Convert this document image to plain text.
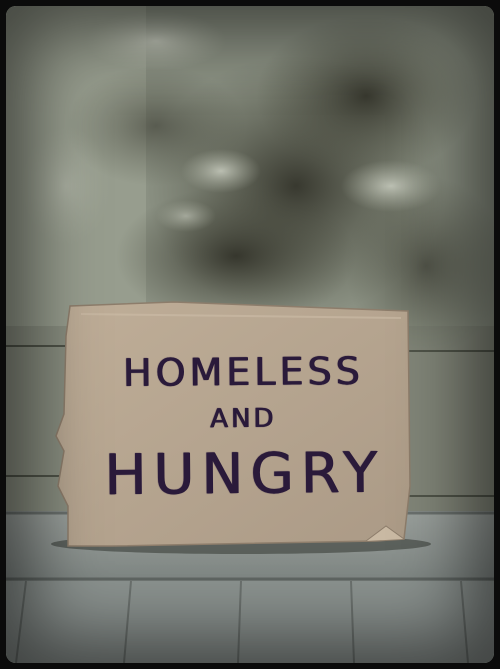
HOMELESS
AND
HUNGRY
